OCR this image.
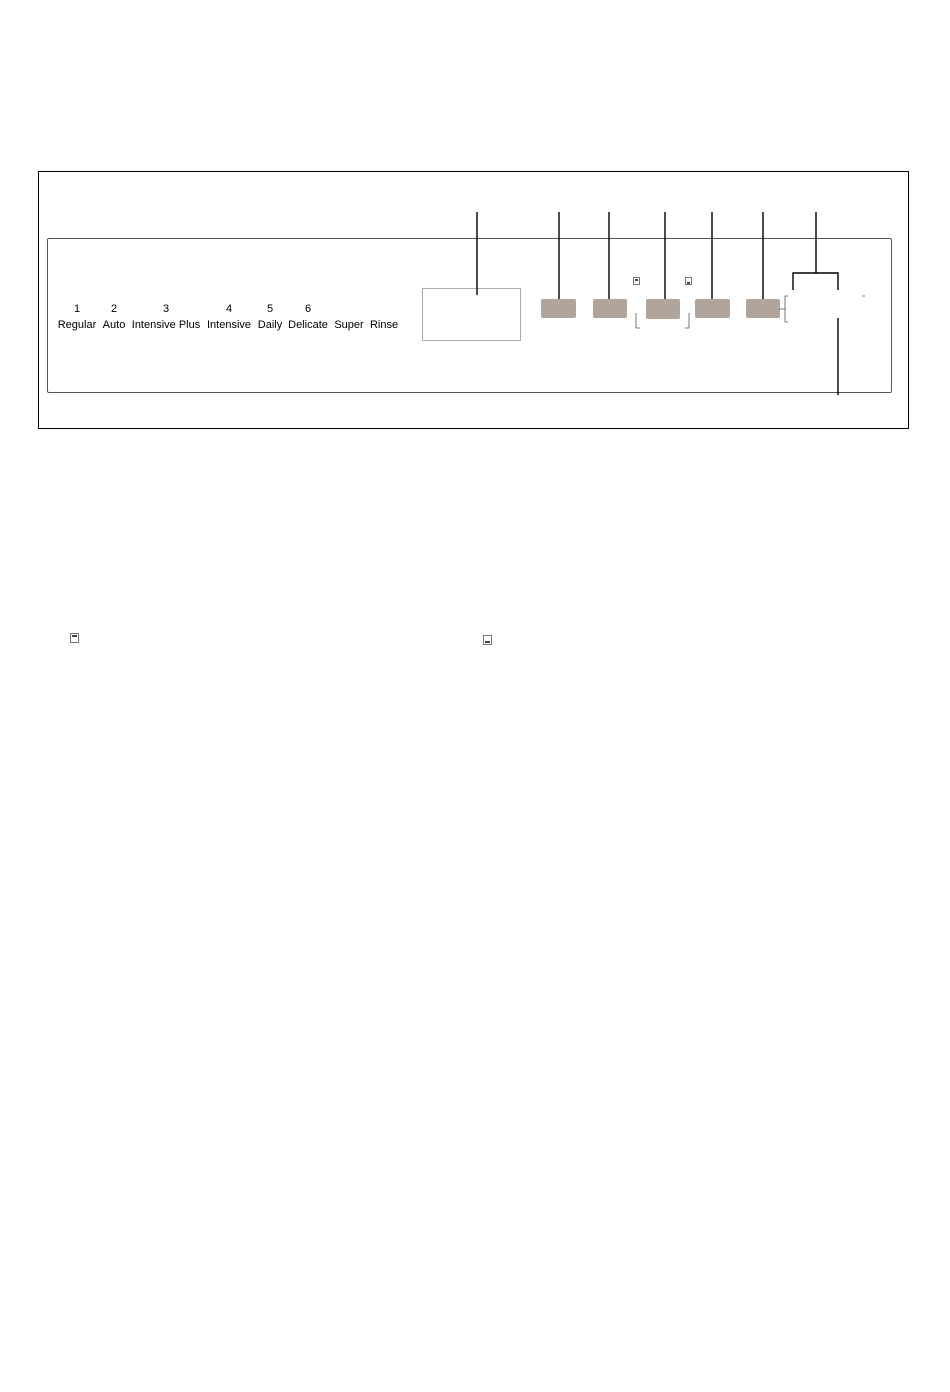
1	2	3	4	5	6
Regular Auto Intensive Plus Intensive Daily Delicate Super Rinse
